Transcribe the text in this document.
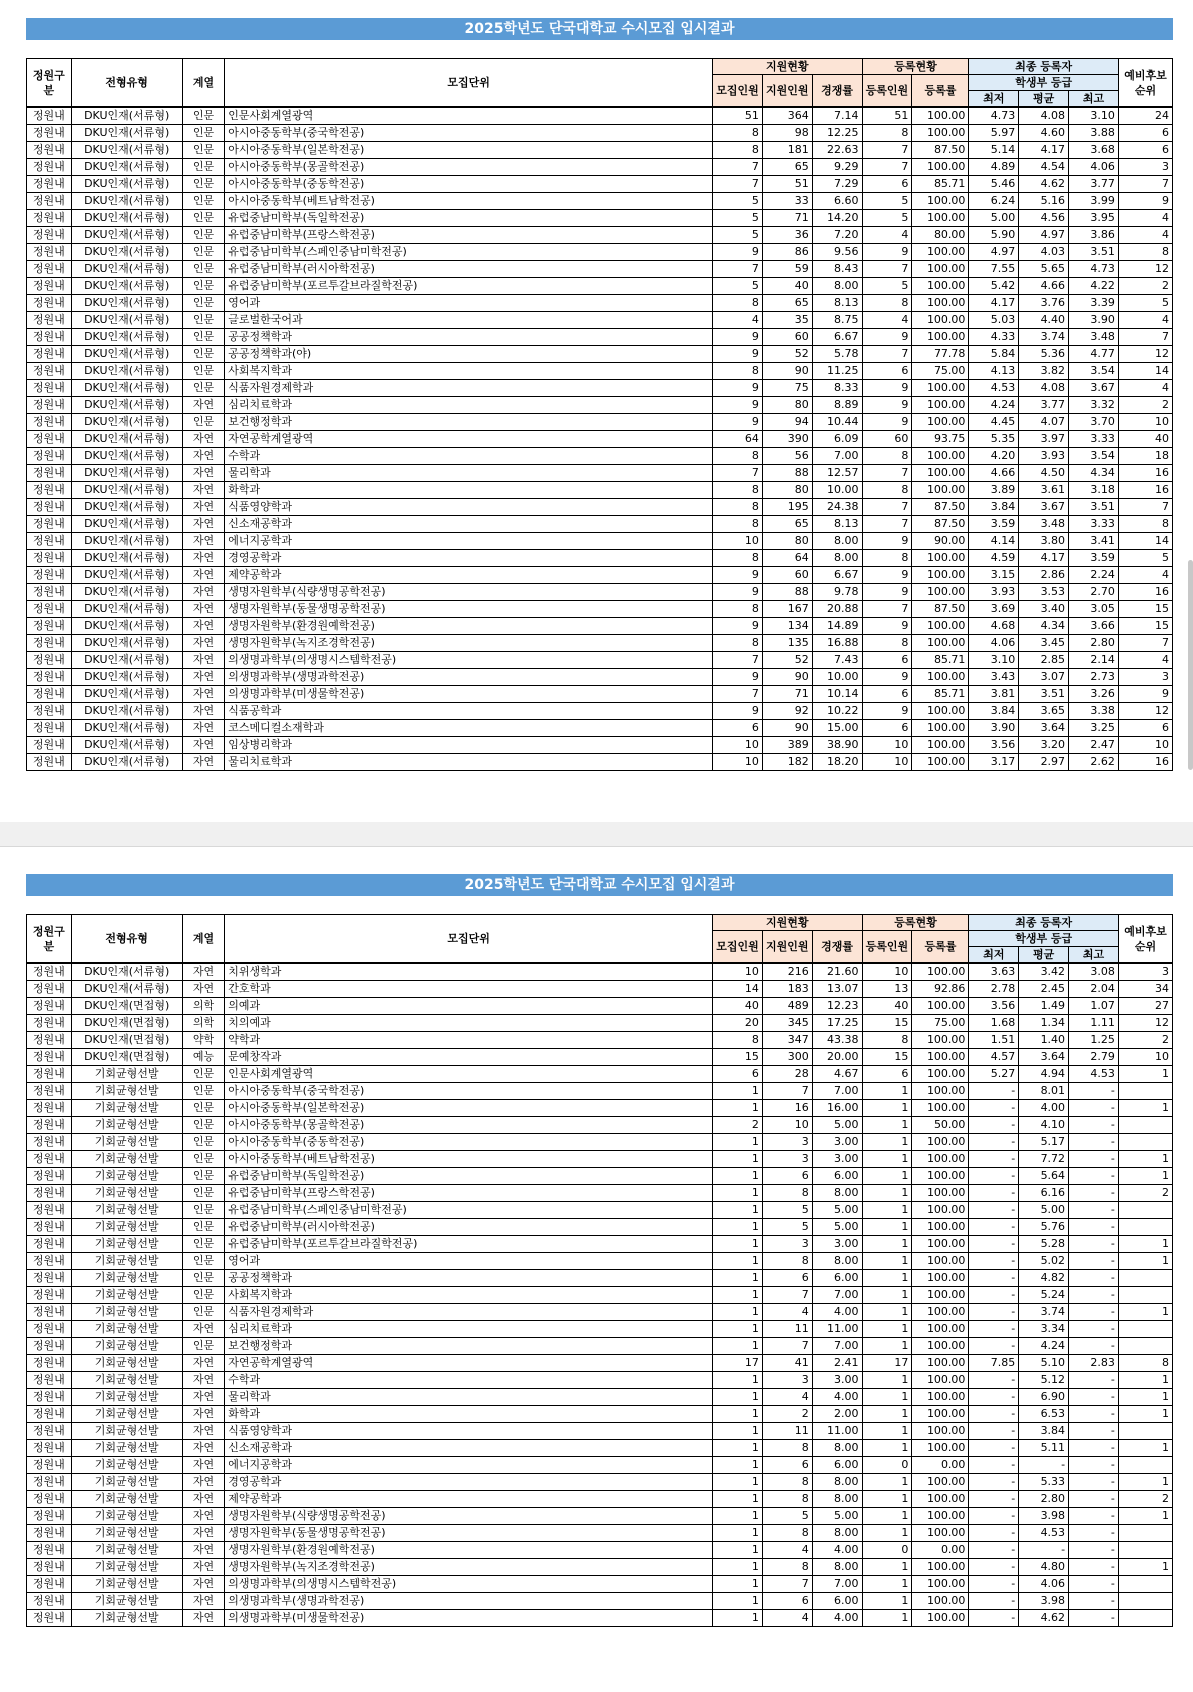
2025학년도 단국대학교 수시모집 입시결과
정원구분	전형유형	계열	모집단위	지원현황			등록현황		최종 등록자			예비후보순위
				모집인원	지원인원	경쟁률	등록인원	등록률	학생부 등급			
									최저	평균	최고	
정원내	DKU인재(서류형)	인문	인문사회계열광역	51	364	7.14	51	100.00	4.73	4.08	3.10	24
정원내	DKU인재(서류형)	인문	아시아중동학부(중국학전공)	8	98	12.25	8	100.00	5.97	4.60	3.88	6
정원내	DKU인재(서류형)	인문	아시아중동학부(일본학전공)	8	181	22.63	7	87.50	5.14	4.17	3.68	6
정원내	DKU인재(서류형)	인문	아시아중동학부(몽골학전공)	7	65	9.29	7	100.00	4.89	4.54	4.06	3
정원내	DKU인재(서류형)	인문	아시아중동학부(중동학전공)	7	51	7.29	6	85.71	5.46	4.62	3.77	7
정원내	DKU인재(서류형)	인문	아시아중동학부(베트남학전공)	5	33	6.60	5	100.00	6.24	5.16	3.99	9
정원내	DKU인재(서류형)	인문	유럽중남미학부(독일학전공)	5	71	14.20	5	100.00	5.00	4.56	3.95	4
정원내	DKU인재(서류형)	인문	유럽중남미학부(프랑스학전공)	5	36	7.20	4	80.00	5.90	4.97	3.86	4
정원내	DKU인재(서류형)	인문	유럽중남미학부(스페인중남미학전공)	9	86	9.56	9	100.00	4.97	4.03	3.51	8
정원내	DKU인재(서류형)	인문	유럽중남미학부(러시아학전공)	7	59	8.43	7	100.00	7.55	5.65	4.73	12
정원내	DKU인재(서류형)	인문	유럽중남미학부(포르투갈브라질학전공)	5	40	8.00	5	100.00	5.42	4.66	4.22	2
정원내	DKU인재(서류형)	인문	영어과	8	65	8.13	8	100.00	4.17	3.76	3.39	5
정원내	DKU인재(서류형)	인문	글로벌한국어과	4	35	8.75	4	100.00	5.03	4.40	3.90	4
정원내	DKU인재(서류형)	인문	공공정책학과	9	60	6.67	9	100.00	4.33	3.74	3.48	7
정원내	DKU인재(서류형)	인문	공공정책학과(야)	9	52	5.78	7	77.78	5.84	5.36	4.77	12
정원내	DKU인재(서류형)	인문	사회복지학과	8	90	11.25	6	75.00	4.13	3.82	3.54	14
정원내	DKU인재(서류형)	인문	식품자원경제학과	9	75	8.33	9	100.00	4.53	4.08	3.67	4
정원내	DKU인재(서류형)	자연	심리치료학과	9	80	8.89	9	100.00	4.24	3.77	3.32	2
정원내	DKU인재(서류형)	인문	보건행정학과	9	94	10.44	9	100.00	4.45	4.07	3.70	10
정원내	DKU인재(서류형)	자연	자연공학계열광역	64	390	6.09	60	93.75	5.35	3.97	3.33	40
정원내	DKU인재(서류형)	자연	수학과	8	56	7.00	8	100.00	4.20	3.93	3.54	18
정원내	DKU인재(서류형)	자연	물리학과	7	88	12.57	7	100.00	4.66	4.50	4.34	16
정원내	DKU인재(서류형)	자연	화학과	8	80	10.00	8	100.00	3.89	3.61	3.18	16
정원내	DKU인재(서류형)	자연	식품영양학과	8	195	24.38	7	87.50	3.84	3.67	3.51	7
정원내	DKU인재(서류형)	자연	신소재공학과	8	65	8.13	7	87.50	3.59	3.48	3.33	8
정원내	DKU인재(서류형)	자연	에너지공학과	10	80	8.00	9	90.00	4.14	3.80	3.41	14
정원내	DKU인재(서류형)	자연	경영공학과	8	64	8.00	8	100.00	4.59	4.17	3.59	5
정원내	DKU인재(서류형)	자연	제약공학과	9	60	6.67	9	100.00	3.15	2.86	2.24	4
정원내	DKU인재(서류형)	자연	생명자원학부(식량생명공학전공)	9	88	9.78	9	100.00	3.93	3.53	2.70	16
정원내	DKU인재(서류형)	자연	생명자원학부(동물생명공학전공)	8	167	20.88	7	87.50	3.69	3.40	3.05	15
정원내	DKU인재(서류형)	자연	생명자원학부(환경원예학전공)	9	134	14.89	9	100.00	4.68	4.34	3.66	15
정원내	DKU인재(서류형)	자연	생명자원학부(녹지조경학전공)	8	135	16.88	8	100.00	4.06	3.45	2.80	7
정원내	DKU인재(서류형)	자연	의생명과학부(의생명시스템학전공)	7	52	7.43	6	85.71	3.10	2.85	2.14	4
정원내	DKU인재(서류형)	자연	의생명과학부(생명과학전공)	9	90	10.00	9	100.00	3.43	3.07	2.73	3
정원내	DKU인재(서류형)	자연	의생명과학부(미생물학전공)	7	71	10.14	6	85.71	3.81	3.51	3.26	9
정원내	DKU인재(서류형)	자연	식품공학과	9	92	10.22	9	100.00	3.84	3.65	3.38	12
정원내	DKU인재(서류형)	자연	코스메디컬소재학과	6	90	15.00	6	100.00	3.90	3.64	3.25	6
정원내	DKU인재(서류형)	자연	임상병리학과	10	389	38.90	10	100.00	3.56	3.20	2.47	10
정원내	DKU인재(서류형)	자연	물리치료학과	10	182	18.20	10	100.00	3.17	2.97	2.62	16
2025학년도 단국대학교 수시모집 입시결과
정원구분	전형유형	계열	모집단위	지원현황			등록현황		최종 등록자			예비후보순위
				모집인원	지원인원	경쟁률	등록인원	등록률	학생부 등급			
									최저	평균	최고	
정원내	DKU인재(서류형)	자연	치위생학과	10	216	21.60	10	100.00	3.63	3.42	3.08	3
정원내	DKU인재(서류형)	자연	간호학과	14	183	13.07	13	92.86	2.78	2.45	2.04	34
정원내	DKU인재(면접형)	의학	의예과	40	489	12.23	40	100.00	3.56	1.49	1.07	27
정원내	DKU인재(면접형)	의학	치의예과	20	345	17.25	15	75.00	1.68	1.34	1.11	12
정원내	DKU인재(면접형)	약학	약학과	8	347	43.38	8	100.00	1.51	1.40	1.25	2
정원내	DKU인재(면접형)	예능	문예창작과	15	300	20.00	15	100.00	4.57	3.64	2.79	10
정원내	기회균형선발	인문	인문사회계열광역	6	28	4.67	6	100.00	5.27	4.94	4.53	1
정원내	기회균형선발	인문	아시아중동학부(중국학전공)	1	7	7.00	1	100.00	-	8.01	-	
정원내	기회균형선발	인문	아시아중동학부(일본학전공)	1	16	16.00	1	100.00	-	4.00	-	1
정원내	기회균형선발	인문	아시아중동학부(몽골학전공)	2	10	5.00	1	50.00	-	4.10	-	
정원내	기회균형선발	인문	아시아중동학부(중동학전공)	1	3	3.00	1	100.00	-	5.17	-	
정원내	기회균형선발	인문	아시아중동학부(베트남학전공)	1	3	3.00	1	100.00	-	7.72	-	1
정원내	기회균형선발	인문	유럽중남미학부(독일학전공)	1	6	6.00	1	100.00	-	5.64	-	1
정원내	기회균형선발	인문	유럽중남미학부(프랑스학전공)	1	8	8.00	1	100.00	-	6.16	-	2
정원내	기회균형선발	인문	유럽중남미학부(스페인중남미학전공)	1	5	5.00	1	100.00	-	5.00	-	
정원내	기회균형선발	인문	유럽중남미학부(러시아학전공)	1	5	5.00	1	100.00	-	5.76	-	
정원내	기회균형선발	인문	유럽중남미학부(포르투갈브라질학전공)	1	3	3.00	1	100.00	-	5.28	-	1
정원내	기회균형선발	인문	영어과	1	8	8.00	1	100.00	-	5.02	-	1
정원내	기회균형선발	인문	공공정책학과	1	6	6.00	1	100.00	-	4.82	-	
정원내	기회균형선발	인문	사회복지학과	1	7	7.00	1	100.00	-	5.24	-	
정원내	기회균형선발	인문	식품자원경제학과	1	4	4.00	1	100.00	-	3.74	-	1
정원내	기회균형선발	자연	심리치료학과	1	11	11.00	1	100.00	-	3.34	-	
정원내	기회균형선발	인문	보건행정학과	1	7	7.00	1	100.00	-	4.24	-	
정원내	기회균형선발	자연	자연공학계열광역	17	41	2.41	17	100.00	7.85	5.10	2.83	8
정원내	기회균형선발	자연	수학과	1	3	3.00	1	100.00	-	5.12	-	1
정원내	기회균형선발	자연	물리학과	1	4	4.00	1	100.00	-	6.90	-	1
정원내	기회균형선발	자연	화학과	1	2	2.00	1	100.00	-	6.53	-	1
정원내	기회균형선발	자연	식품영양학과	1	11	11.00	1	100.00	-	3.84	-	
정원내	기회균형선발	자연	신소재공학과	1	8	8.00	1	100.00	-	5.11	-	1
정원내	기회균형선발	자연	에너지공학과	1	6	6.00	0	0.00	-	-	-	
정원내	기회균형선발	자연	경영공학과	1	8	8.00	1	100.00	-	5.33	-	1
정원내	기회균형선발	자연	제약공학과	1	8	8.00	1	100.00	-	2.80	-	2
정원내	기회균형선발	자연	생명자원학부(식량생명공학전공)	1	5	5.00	1	100.00	-	3.98	-	1
정원내	기회균형선발	자연	생명자원학부(동물생명공학전공)	1	8	8.00	1	100.00	-	4.53	-	
정원내	기회균형선발	자연	생명자원학부(환경원예학전공)	1	4	4.00	0	0.00	-	-	-	
정원내	기회균형선발	자연	생명자원학부(녹지조경학전공)	1	8	8.00	1	100.00	-	4.80	-	1
정원내	기회균형선발	자연	의생명과학부(의생명시스템학전공)	1	7	7.00	1	100.00	-	4.06	-	
정원내	기회균형선발	자연	의생명과학부(생명과학전공)	1	6	6.00	1	100.00	-	3.98	-	
정원내	기회균형선발	자연	의생명과학부(미생물학전공)	1	4	4.00	1	100.00	-	4.62	-	
